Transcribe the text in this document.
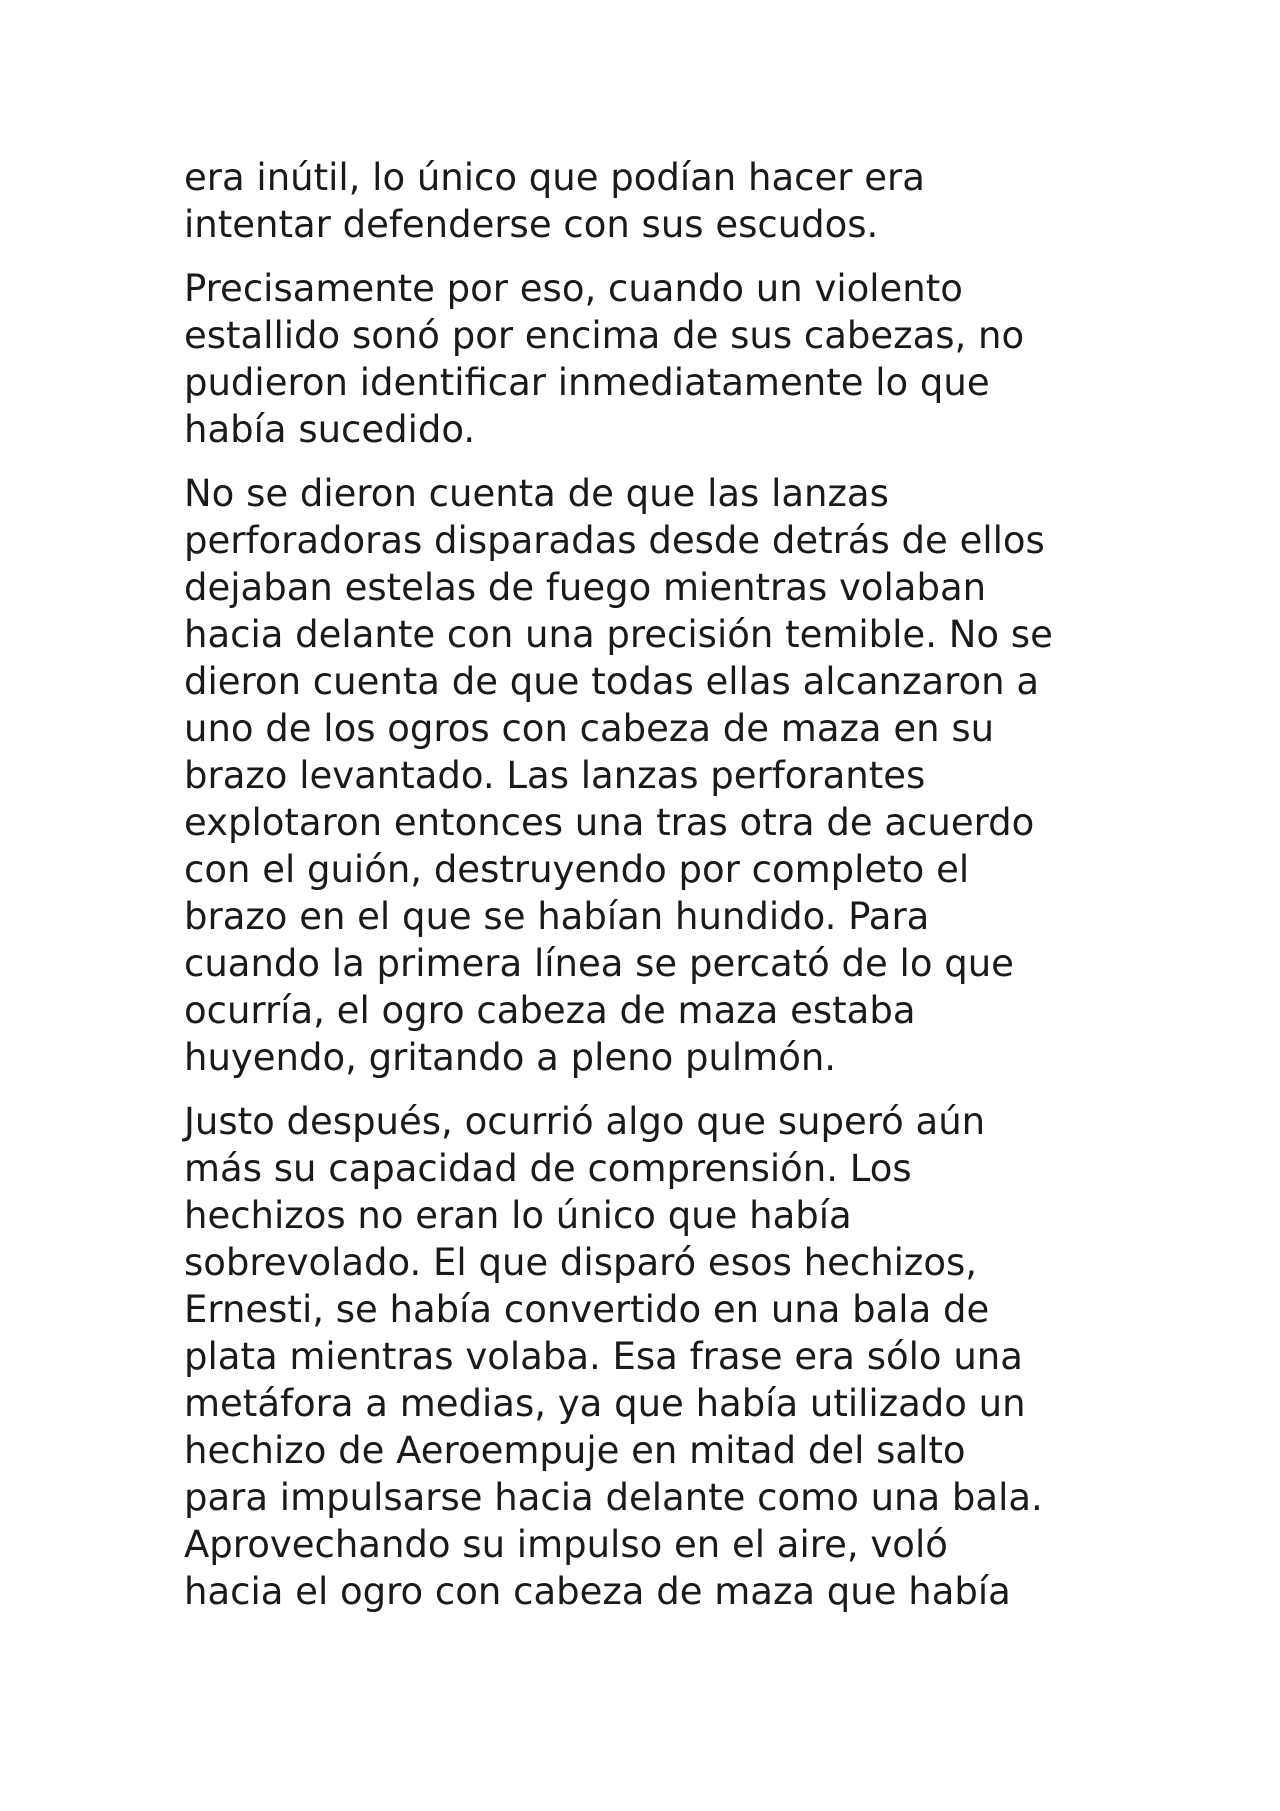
era inútil, lo único que podían hacer era
intentar defenderse con sus escudos.

Precisamente por eso, cuando un violento
estallido sonó por encima de sus cabezas, no
pudieron identificar inmediatamente lo que
había sucedido.

No se dieron cuenta de que las lanzas
perforadoras disparadas desde detrás de ellos
dejaban estelas de fuego mientras volaban
hacia delante con una precisión temible. No se
dieron cuenta de que todas ellas alcanzaron a
uno de los ogros con cabeza de maza en su
brazo levantado. Las lanzas perforantes
explotaron entonces una tras otra de acuerdo
con el guión, destruyendo por completo el
brazo en el que se habían hundido. Para
cuando la primera línea se percató de lo que
ocurría, el ogro cabeza de maza estaba
huyendo, gritando a pleno pulmón.

Justo después, ocurrió algo que superó aún
más su capacidad de comprensión. Los
hechizos no eran lo único que había
sobrevolado. El que disparó esos hechizos,
Ernesti, se había convertido en una bala de
plata mientras volaba. Esa frase era sólo una
metáfora a medias, ya que había utilizado un
hechizo de Aeroempuje en mitad del salto
para impulsarse hacia delante como una bala.
Aprovechando su impulso en el aire, voló
hacia el ogro con cabeza de maza que había
